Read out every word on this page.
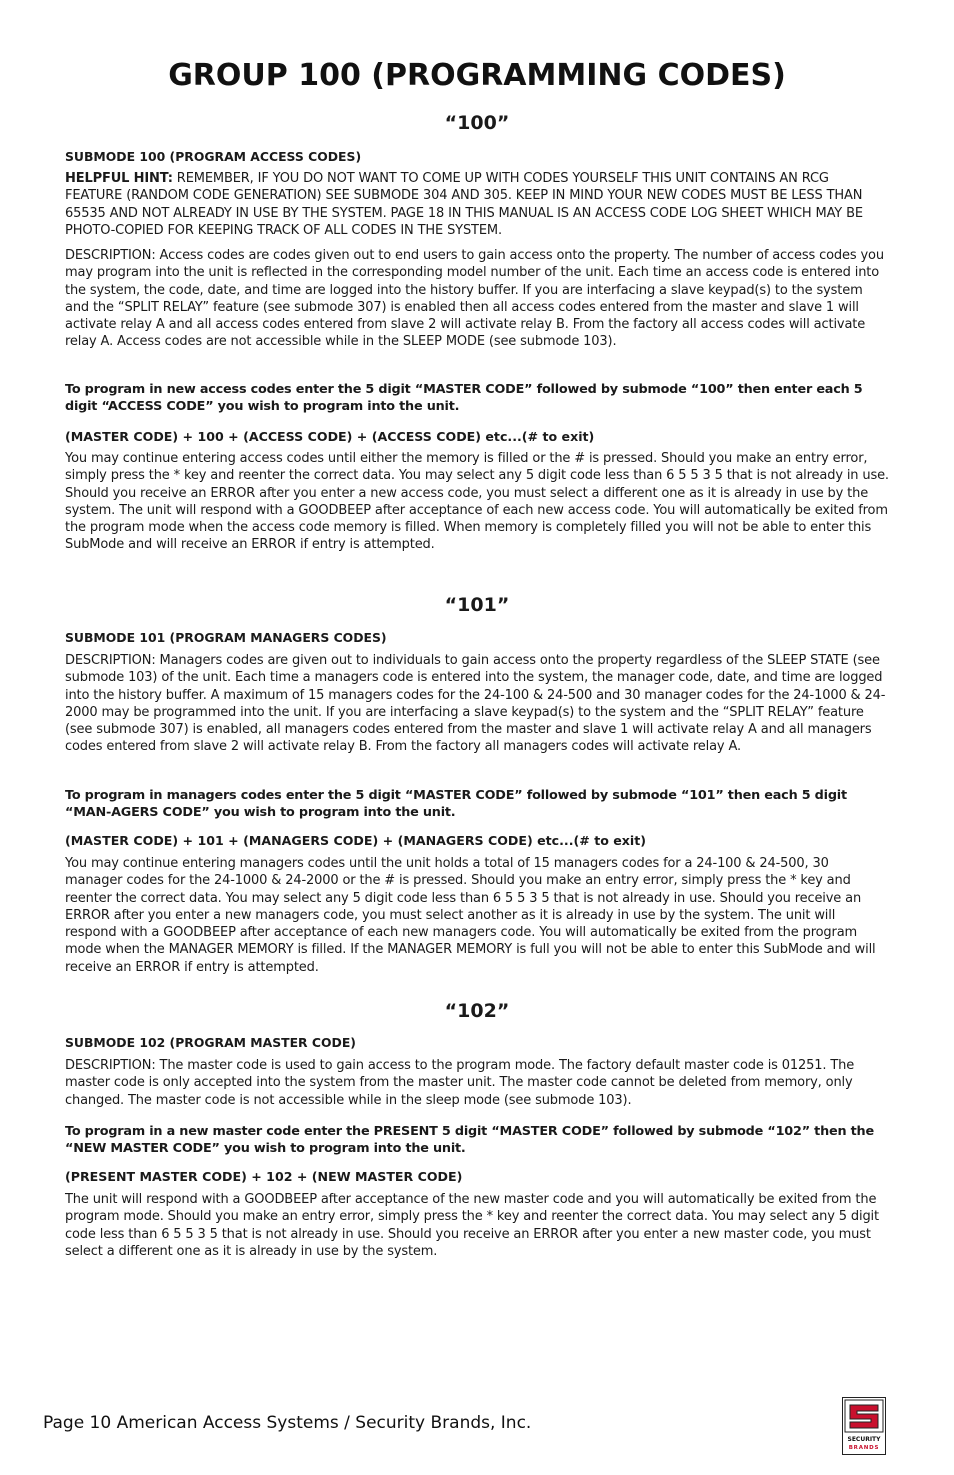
GROUP 100 (PROGRAMMING CODES)
“100”

SUBMODE 100 (PROGRAM ACCESS CODES)

HELPFUL HINT: REMEMBER, IF YOU DO NOT WANT TO COME UP WITH CODES YOURSELF THIS UNIT CONTAINS AN RCG FEATURE (RANDOM CODE GENERATION) SEE SUBMODE 304 AND 305. KEEP IN MIND YOUR NEW CODES MUST BE LESS THAN 65535 AND NOT ALREADY IN USE BY THE SYSTEM. PAGE 18 IN THIS MANUAL IS AN ACCESS CODE LOG SHEET WHICH MAY BE PHOTO-COPIED FOR KEEPING TRACK OF ALL CODES IN THE SYSTEM.

DESCRIPTION: Access codes are codes given out to end users to gain access onto the property. The number of access codes you may program into the unit is reflected in the corresponding model number of the unit. Each time an access code is entered into the system, the code, date, and time are logged into the history buffer. If you are interfacing a slave keypad(s) to the system and the “SPLIT RELAY” feature (see submode 307) is enabled then all access codes entered from the master and slave 1 will activate relay A and all access codes entered from slave 2 will activate relay B. From the factory all access codes will activate relay A. Access codes are not accessible while in the SLEEP MODE (see submode 103).

To program in new access codes enter the 5 digit “MASTER CODE” followed by submode “100” then enter each 5 digit “ACCESS CODE” you wish to program into the unit.

(MASTER CODE) + 100 + (ACCESS CODE) + (ACCESS CODE) etc...(# to exit)

You may continue entering access codes until either the memory is filled or the # is pressed. Should you make an entry error, simply press the * key and reenter the correct data. You may select any 5 digit code less than 6 5 5 3 5 that is not already in use. Should you receive an ERROR after you enter a new access code, you must select a different one as it is already in use by the system. The unit will respond with a GOODBEEP after acceptance of each new access code. You will automatically be exited from the program mode when the access code memory is filled. When memory is completely filled you will not be able to enter this SubMode and will receive an ERROR if entry is attempted.

“101”

SUBMODE 101 (PROGRAM MANAGERS CODES)

DESCRIPTION: Managers codes are given out to individuals to gain access onto the property regardless of the SLEEP STATE (see submode 103) of the unit. Each time a managers code is entered into the system, the manager code, date, and time are logged into the history buffer. A maximum of 15 managers codes for the 24-100 & 24-500 and 30 manager codes for the 24-1000 & 24-2000 may be programmed into the unit. If you are interfacing a slave keypad(s) to the system and the “SPLIT RELAY” feature (see submode 307) is enabled, all managers codes entered from the master and slave 1 will activate relay A and all managers codes entered from slave 2 will activate relay B. From the factory all managers codes will activate relay A.

To program in managers codes enter the 5 digit “MASTER CODE” followed by submode “101” then each 5 digit “MAN-AGERS CODE” you wish to program into the unit.

(MASTER CODE) + 101 + (MANAGERS CODE) + (MANAGERS CODE) etc...(# to exit)

You may continue entering managers codes until the unit holds a total of 15 managers codes for a 24-100 & 24-500, 30 manager codes for the 24-1000 & 24-2000 or the # is pressed. Should you make an entry error, simply press the * key and reenter the correct data. You may select any 5 digit code less than 6 5 5 3 5 that is not already in use. Should you receive an ERROR after you enter a new managers code, you must select another as it is already in use by the system. The unit will respond with a GOODBEEP after acceptance of each new managers code. You will automatically be exited from the program mode when the MANAGER MEMORY is filled. If the MANAGER MEMORY is full you will not be able to enter this SubMode and will receive an ERROR if entry is attempted.

“102”

SUBMODE 102 (PROGRAM MASTER CODE)

DESCRIPTION: The master code is used to gain access to the program mode. The factory default master code is 01251. The master code is only accepted into the system from the master unit. The master code cannot be deleted from memory, only changed. The master code is not accessible while in the sleep mode (see submode 103).

To program in a new master code enter the PRESENT 5 digit “MASTER CODE” followed by submode “102” then the “NEW MASTER CODE” you wish to program into the unit.

(PRESENT MASTER CODE) + 102 + (NEW MASTER CODE)

The unit will respond with a GOODBEEP after acceptance of the new master code and you will automatically be exited from the program mode. Should you make an entry error, simply press the * key and reenter the correct data. You may select any 5 digit code less than 6 5 5 3 5 that is not already in use. Should you receive an ERROR after you enter a new master code, you must select a different one as it is already in use by the system.

Page 10 American Access Systems / Security Brands, Inc.
SECURITY
BRANDS
